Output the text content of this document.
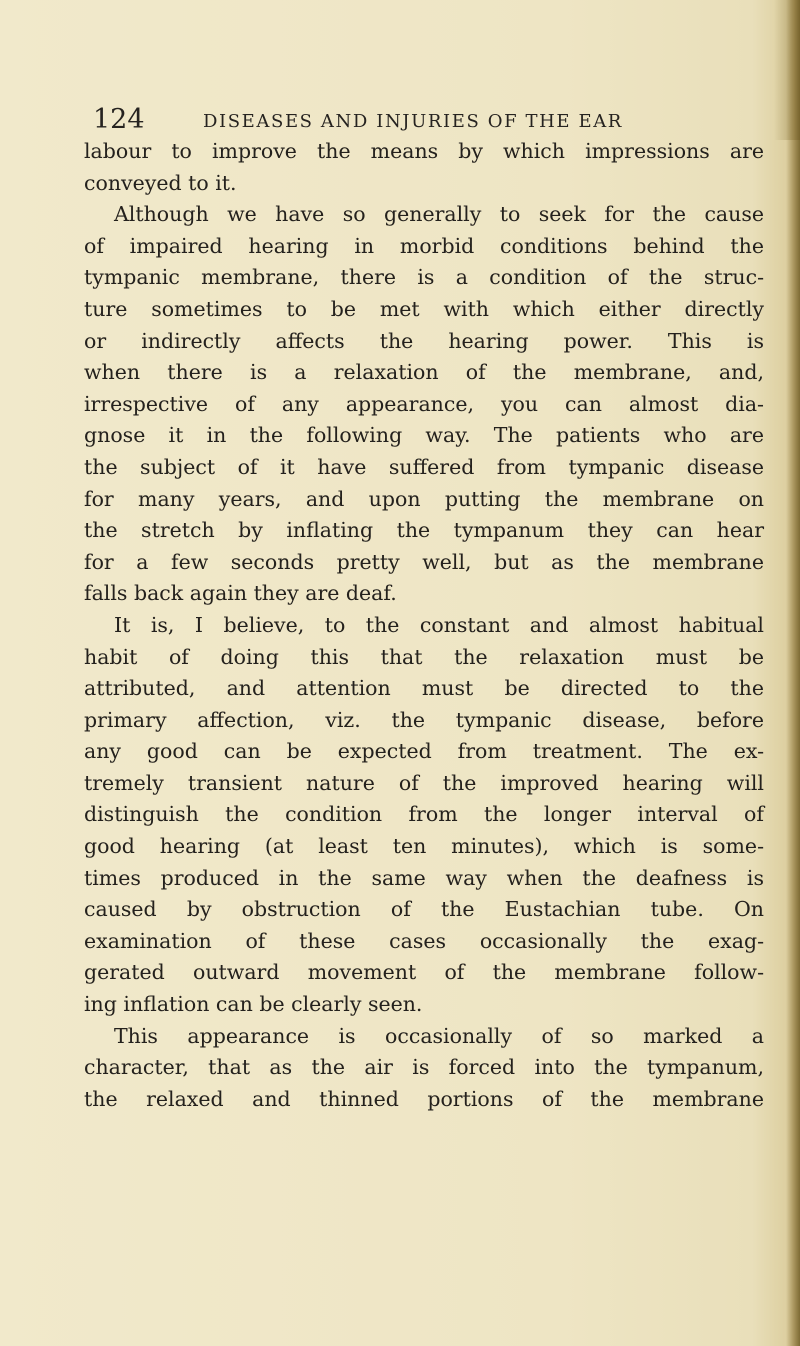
124	DISEASES AND INJURIES OF THE EAR
labour to improve the means by which impressions are
conveyed to it.
Although we have so generally to seek for the cause
of impaired hearing in morbid conditions behind the
tympanic membrane, there is a condition of the struc-
ture sometimes to be met with which either directly
or indirectly affects the hearing power. This is
when there is a relaxation of the membrane, and,
irrespective of any appearance, you can almost dia-
gnose it in the following way. The patients who are
the subject of it have suffered from tympanic disease
for many years, and upon putting the membrane on
the stretch by inflating the tympanum they can hear
for a few seconds pretty well, but as the membrane
falls back again they are deaf.
It is, I believe, to the constant and almost habitual
habit of doing this that the relaxation must be
attributed, and attention must be directed to the
primary affection, viz. the tympanic disease, before
any good can be expected from treatment. The ex-
tremely transient nature of the improved hearing will
distinguish the condition from the longer interval of
good hearing (at least ten minutes), which is some-
times produced in the same way when the deafness is
caused by obstruction of the Eustachian tube. On
examination of these cases occasionally the exag-
gerated outward movement of the membrane follow-
ing inflation can be clearly seen.
This appearance is occasionally of so marked a
character, that as the air is forced into the tympanum,
the relaxed and thinned portions of the membrane
